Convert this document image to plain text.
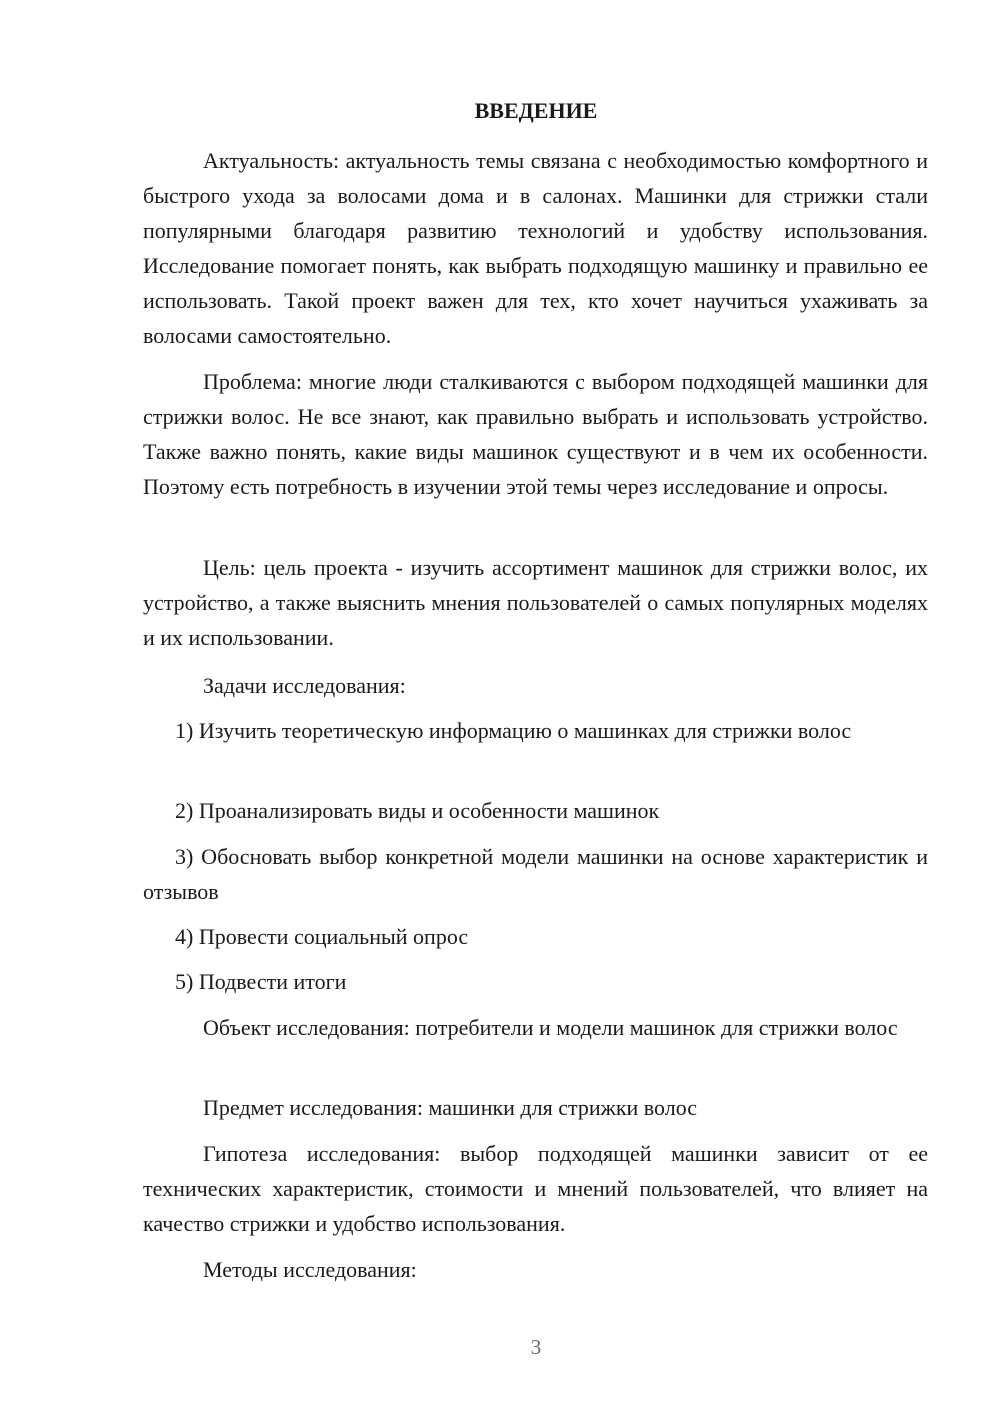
ВВЕДЕНИЕ

Актуальность: актуальность темы связана с необходимостью комфортного и быстрого ухода за волосами дома и в салонах. Машинки для стрижки стали популярными благодаря развитию технологий и удобству использования. Исследование помогает понять, как выбрать подходящую машинку и правильно ее использовать. Такой проект важен для тех, кто хочет научиться ухаживать за волосами самостоятельно.

Проблема: многие люди сталкиваются с выбором подходящей машинки для стрижки волос. Не все знают, как правильно выбрать и использовать устройство. Также важно понять, какие виды машинок существуют и в чем их особенности. Поэтому есть потребность в изучении этой темы через исследование и опросы.

Цель: цель проекта - изучить ассортимент машинок для стрижки волос, их устройство, а также выяснить мнения пользователей о самых популярных моделях и их использовании.

Задачи исследования:

1) Изучить теоретическую информацию о машинках для стрижки волос

2) Проанализировать виды и особенности машинок

3) Обосновать выбор конкретной модели машинки на основе характеристик и отзывов

4) Провести социальный опрос

5) Подвести итоги

Объект исследования: потребители и модели машинок для стрижки волос

Предмет исследования: машинки для стрижки волос

Гипотеза исследования: выбор подходящей машинки зависит от ее технических характеристик, стоимости и мнений пользователей, что влияет на качество стрижки и удобство использования.

Методы исследования:

3
